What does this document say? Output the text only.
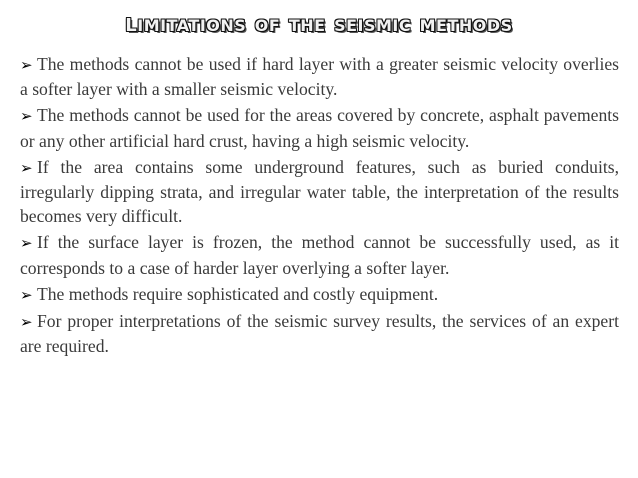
limitations of the seismic methods
➢ The methods cannot be used if hard layer with a greater seismic velocity overlies a softer layer with a smaller seismic velocity.
➢ The methods cannot be used for the areas covered by concrete, asphalt pavements or any other artificial hard crust, having a high seismic velocity.
➢ If the area contains some underground features, such as buried conduits, irregularly dipping strata, and irregular water table, the interpretation of the results becomes very difficult.
➢ If the surface layer is frozen, the method cannot be successfully used, as it corresponds to a case of harder layer overlying a softer layer.
➢ The methods require sophisticated and costly equipment.
➢ For proper interpretations of the seismic survey results, the services of an expert are required.
